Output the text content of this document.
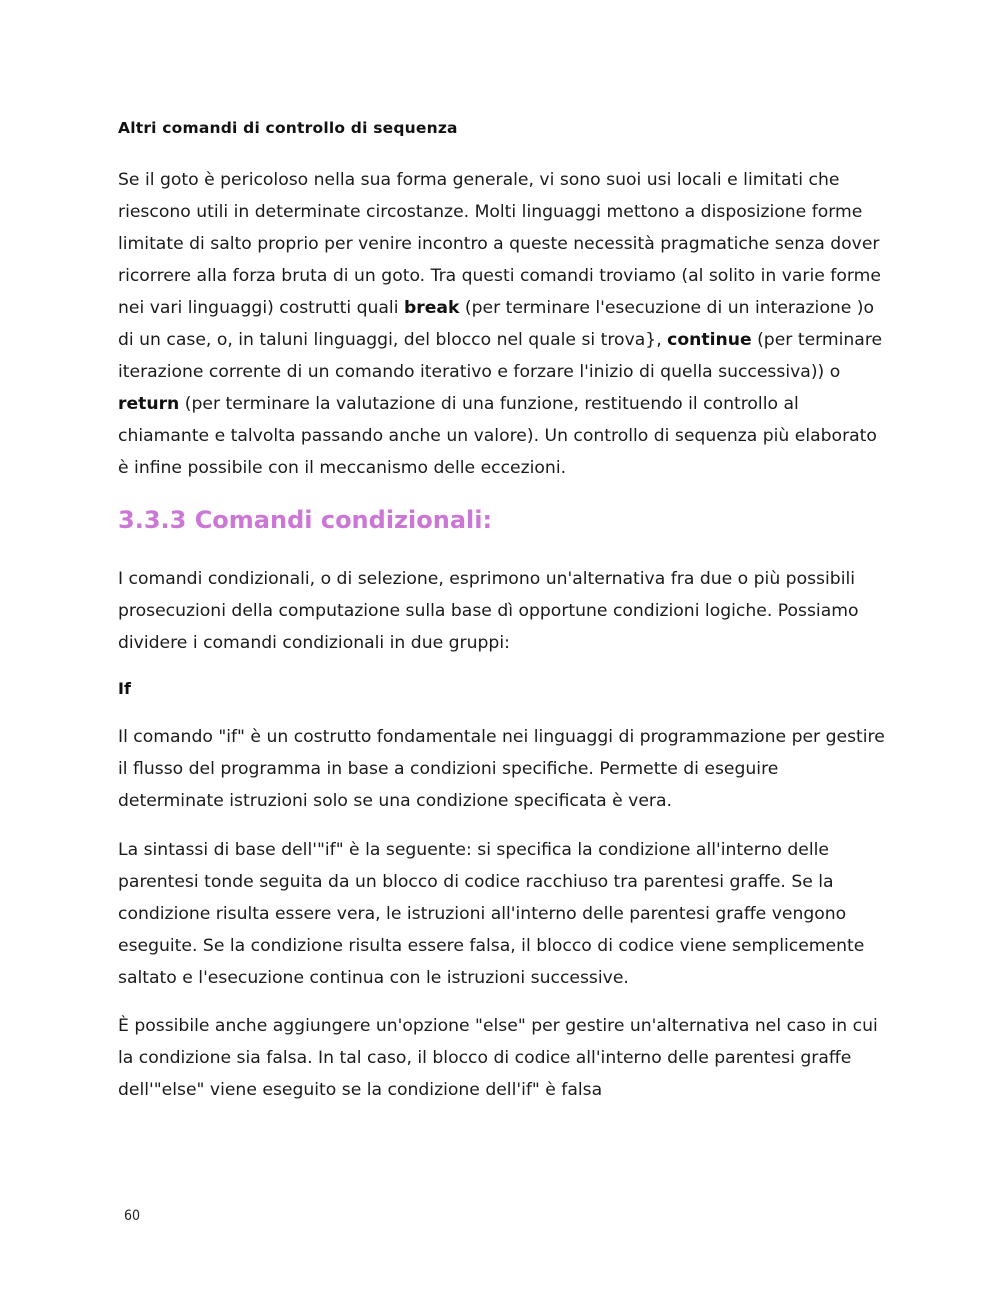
Altri comandi di controllo di sequenza

Se il goto è pericoloso nella sua forma generale, vi sono suoi usi locali e limitati che riescono utili in determinate circostanze. Molti linguaggi mettono a disposizione forme limitate di salto proprio per venire incontro a queste necessità pragmatiche senza dover ricorrere alla forza bruta di un goto. Tra questi comandi troviamo (al solito in varie forme nei vari linguaggi) costrutti quali break (per terminare l'esecuzione di un interazione )o di un case, o, in taluni linguaggi, del blocco nel quale si trova}, continue (per terminare iterazione corrente di un comando iterativo e forzare l'inizio di quella successiva)) o return (per terminare la valutazione di una funzione, restituendo il controllo al chiamante e talvolta passando anche un valore). Un controllo di sequenza più elaborato è infine possibile con il meccanismo delle eccezioni.

3.3.3 Comandi condizionali:

I comandi condizionali, o di selezione, esprimono un'alternativa fra due o più possibili prosecuzioni della computazione sulla base dì opportune condizioni logiche. Possiamo dividere i comandi condizionali in due gruppi:

If

Il comando "if" è un costrutto fondamentale nei linguaggi di programmazione per gestire il flusso del programma in base a condizioni specifiche. Permette di eseguire determinate istruzioni solo se una condizione specificata è vera.

La sintassi di base dell'"if" è la seguente: si specifica la condizione all'interno delle parentesi tonde seguita da un blocco di codice racchiuso tra parentesi graffe. Se la condizione risulta essere vera, le istruzioni all'interno delle parentesi graffe vengono eseguite. Se la condizione risulta essere falsa, il blocco di codice viene semplicemente saltato e l'esecuzione continua con le istruzioni successive.

È possibile anche aggiungere un'opzione "else" per gestire un'alternativa nel caso in cui la condizione sia falsa. In tal caso, il blocco di codice all'interno delle parentesi graffe dell'"else" viene eseguito se la condizione dell'if" è falsa

60
